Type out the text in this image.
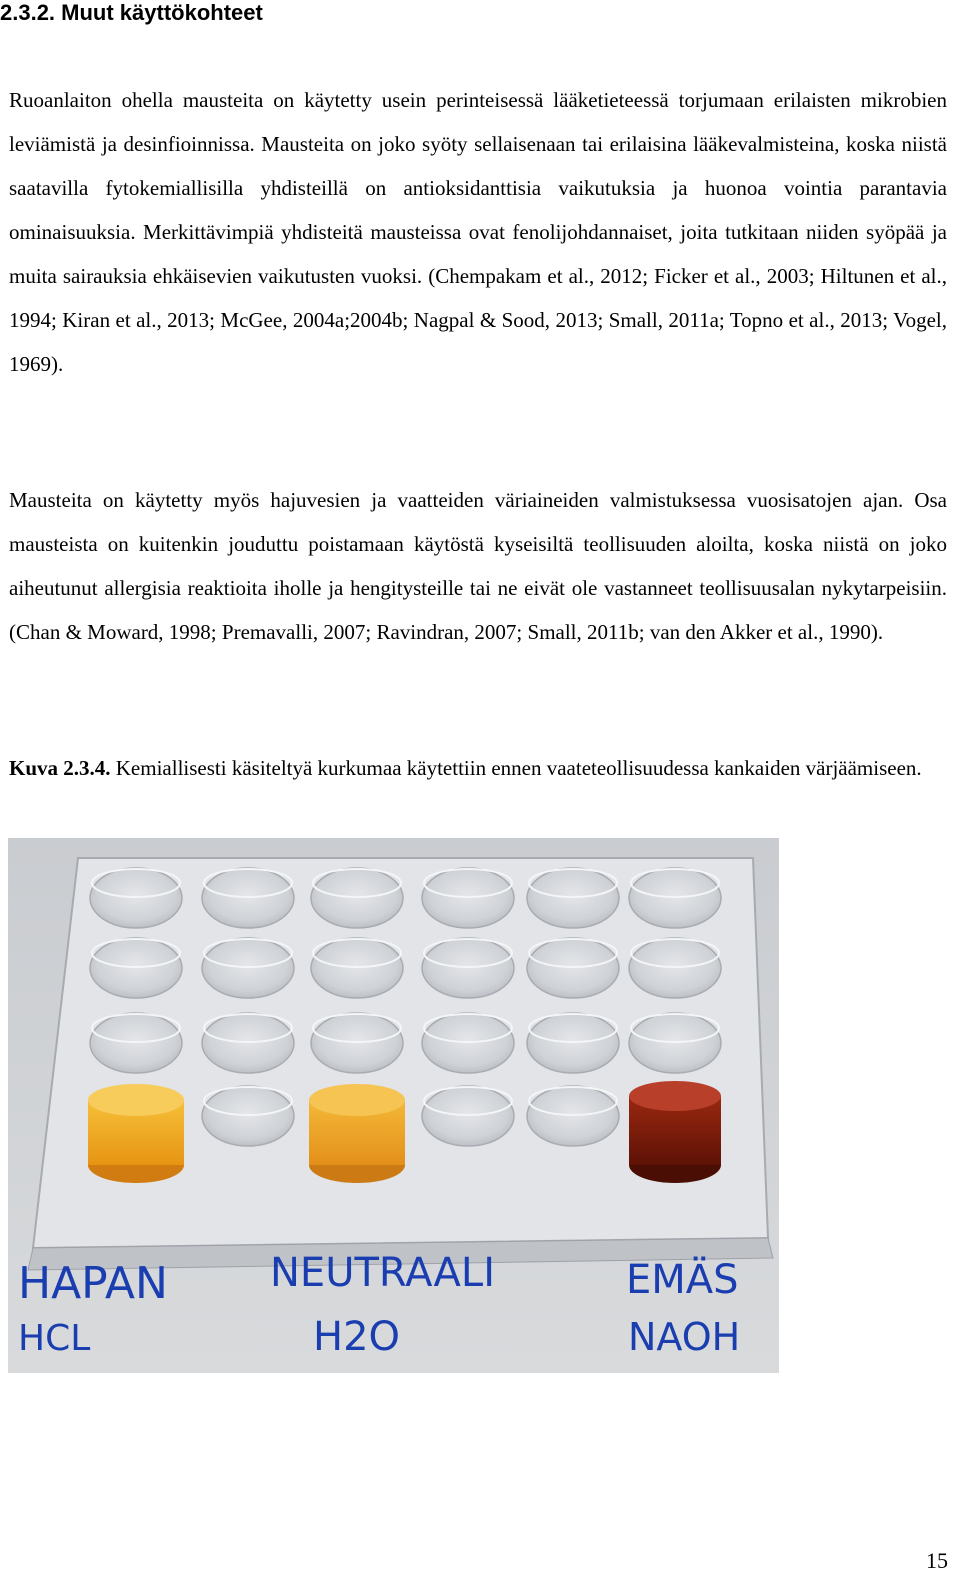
2.3.2. Muut käyttökohteet

Ruoanlaiton ohella mausteita on käytetty usein perinteisessä lääketieteessä torjumaan erilaisten mikrobien leviämistä ja desinfioinnissa. Mausteita on joko syöty sellaisenaan tai erilaisina lääkevalmisteina, koska niistä saatavilla fytokemiallisilla yhdisteillä on antioksidanttisia vaikutuksia ja huonoa vointia parantavia ominaisuuksia. Merkittävimpiä yhdisteitä mausteissa ovat fenolijohdannaiset, joita tutkitaan niiden syöpää ja muita sairauksia ehkäisevien vaikutusten vuoksi. (Chempakam et al., 2012; Ficker et al., 2003; Hiltunen et al., 1994; Kiran et al., 2013; McGee, 2004a;2004b; Nagpal & Sood, 2013; Small, 2011a; Topno et al., 2013; Vogel, 1969).

Mausteita on käytetty myös hajuvesien ja vaatteiden väriaineiden valmistuksessa vuosisatojen ajan. Osa mausteista on kuitenkin jouduttu poistamaan käytöstä kyseisiltä teollisuuden aloilta, koska niistä on joko aiheutunut allergisia reaktioita iholle ja hengitysteille tai ne eivät ole vastanneet teollisuusalan nykytarpeisiin. (Chan & Moward, 1998; Premavalli, 2007; Ravindran, 2007; Small, 2011b; van den Akker et al., 1990).

Kuva 2.3.4. Kemiallisesti käsiteltyä kurkumaa käytettiin ennen vaateteollisuudessa kankaiden värjäämiseen.
HAPAN
HCL
NEUTRAALI
H2O
EMÄS
NAOH
15
